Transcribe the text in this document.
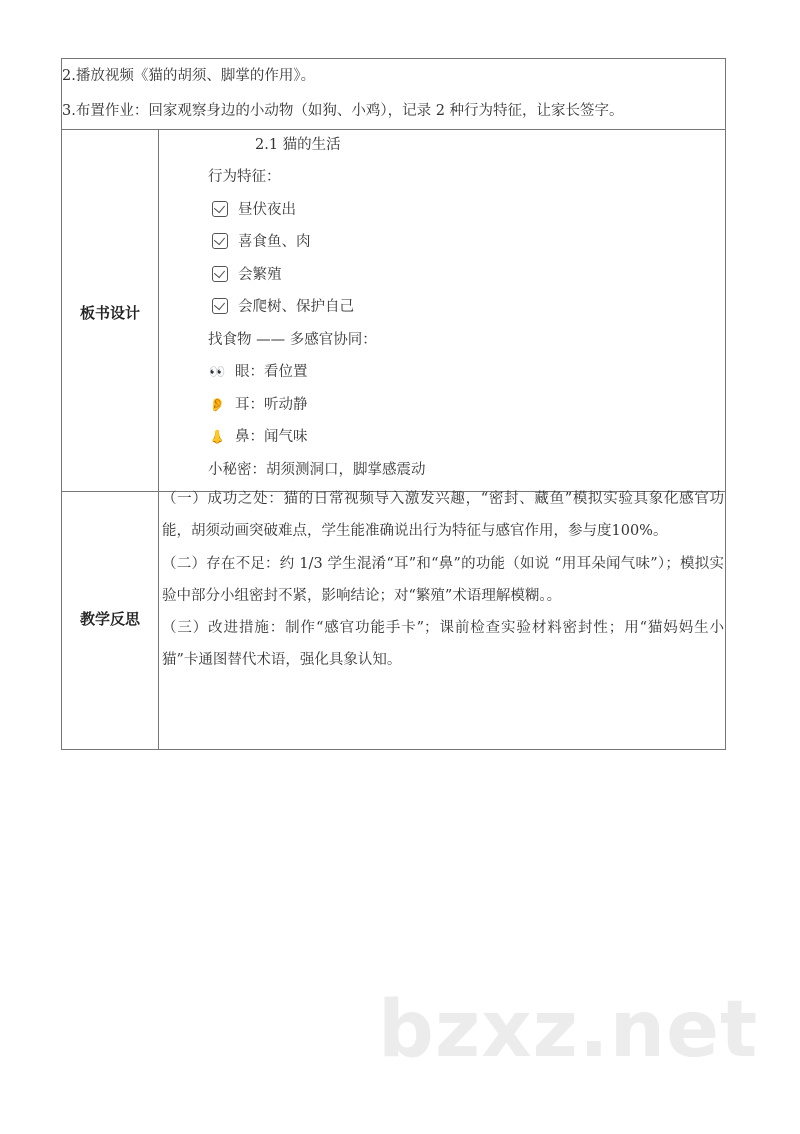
2.播放视频《猫的胡须、脚掌的作用》。
3.布置作业：回家观察身边的小动物（如狗、小鸡），记录 2 种行为特征，让家长签字。
板书设计
2.1 猫的生活
行为特征：
昼伏夜出
喜食鱼、肉
会繁殖
会爬树、保护自己
找食物 —— 多感官协同：
👀 眼：看位置
👂 耳：听动静
👃 鼻：闻气味
小秘密：胡须测洞口，脚掌感震动
教学反思
（一）成功之处：猫的日常视频导入激发兴趣，“密封、藏鱼”模拟实验具象化感官功能，胡须动画突破难点，学生能准确说出行为特征与感官作用，参与度100%。
（二）存在不足：约 1/3 学生混淆“耳”和“鼻”的功能（如说 “用耳朵闻气味”）；模拟实验中部分小组密封不紧，影响结论；对“繁殖”术语理解模糊。。
（三）改进措施：制作“感官功能手卡”；课前检查实验材料密封性；用“猫妈妈生小猫”卡通图替代术语，强化具象认知。
bzxz.net
